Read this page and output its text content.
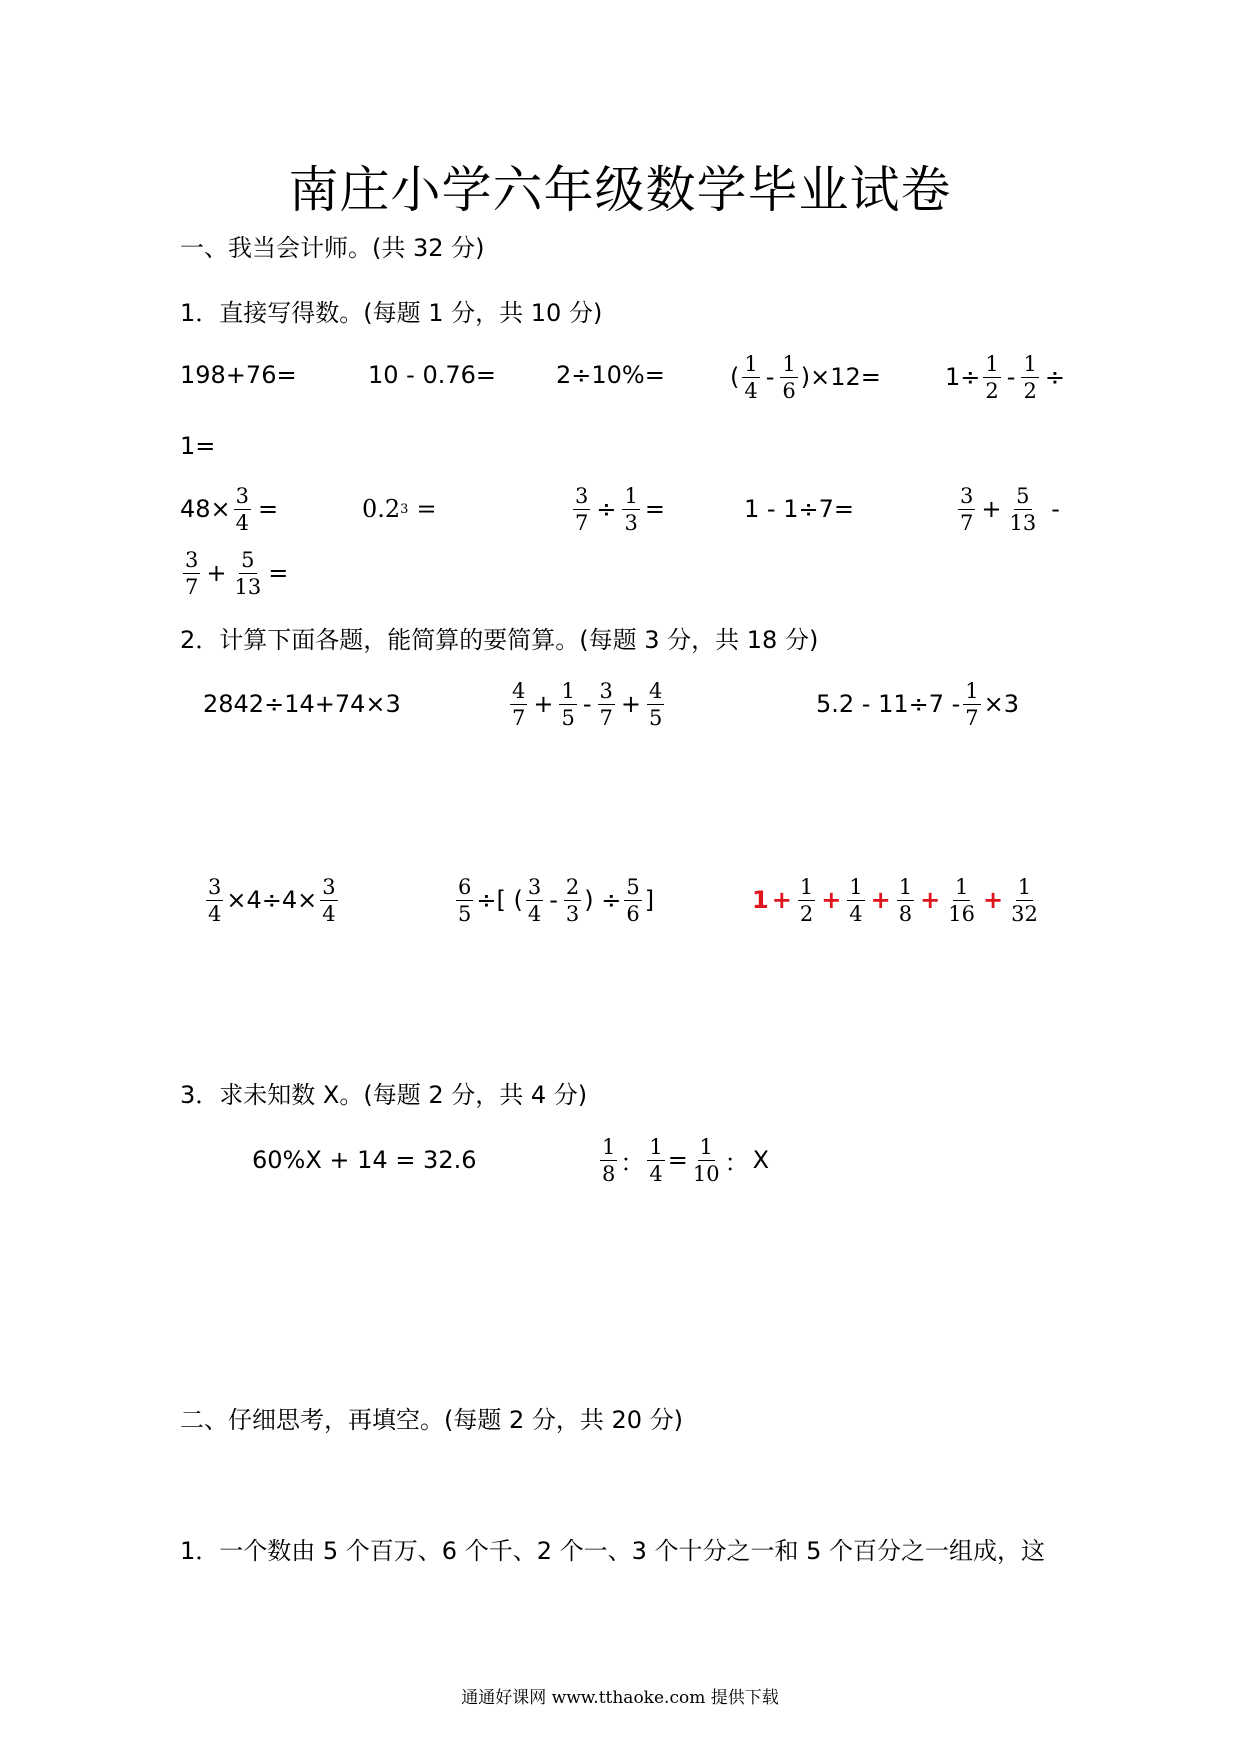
南庄小学六年级数学毕业试卷
一、我当会计师。(共 32 分)
1．直接写得数。(每题 1 分，共 10 分)
198+76=	10 - 0.76= 2÷10%=	( $\frac{1}{4} - \frac{1}{6} )\times 12=$	$1\div \frac{1}{2} - \frac{1}{2}$ ÷
1=
$48\times \frac{3}{4}$ =	0.2 3 =	$\frac{3}{7} \div \frac{1}{3}$ =	1 - 1÷7=	$\frac{3}{7} + \frac{5}{13}$ -
$\frac{3}{7} + \frac{5}{13}$ =
2．计算下面各题，能简算的要简算。(每题 3 分，共 18 分)
2842÷14+74×3	$\frac{4}{7} + \frac{1}{5} - \frac{3}{7} + \frac{4}{5}$	$5.2 - 11\div 7 - \frac{1}{7} \times 3$
$\frac{3}{4} \times 4\div 4\times \frac{3}{4}$	$\frac{6}{5}$ ÷[ ( $\frac{3}{4} - \frac{2}{3}$ ) ÷ $\frac{5}{6}$ ]	$1 + \frac{1}{2} + \frac{1}{4} + \frac{1}{8} + \frac{1}{16} + \frac{1}{32}$
3．求未知数 X。(每题 2 分，共 4 分)
60%X + 14 = 32.6	$\frac{1}{8}$ ： $\frac{1}{4} = \frac{1}{10}$ ： X
二、仔细思考，再填空。(每题 2 分，共 20 分)
1．一个数由 5 个百万、6 个千、2 个一、3 个十分之一和 5 个百分之一组成，这
通通好课网 www.tthaoke.com 提供下载
